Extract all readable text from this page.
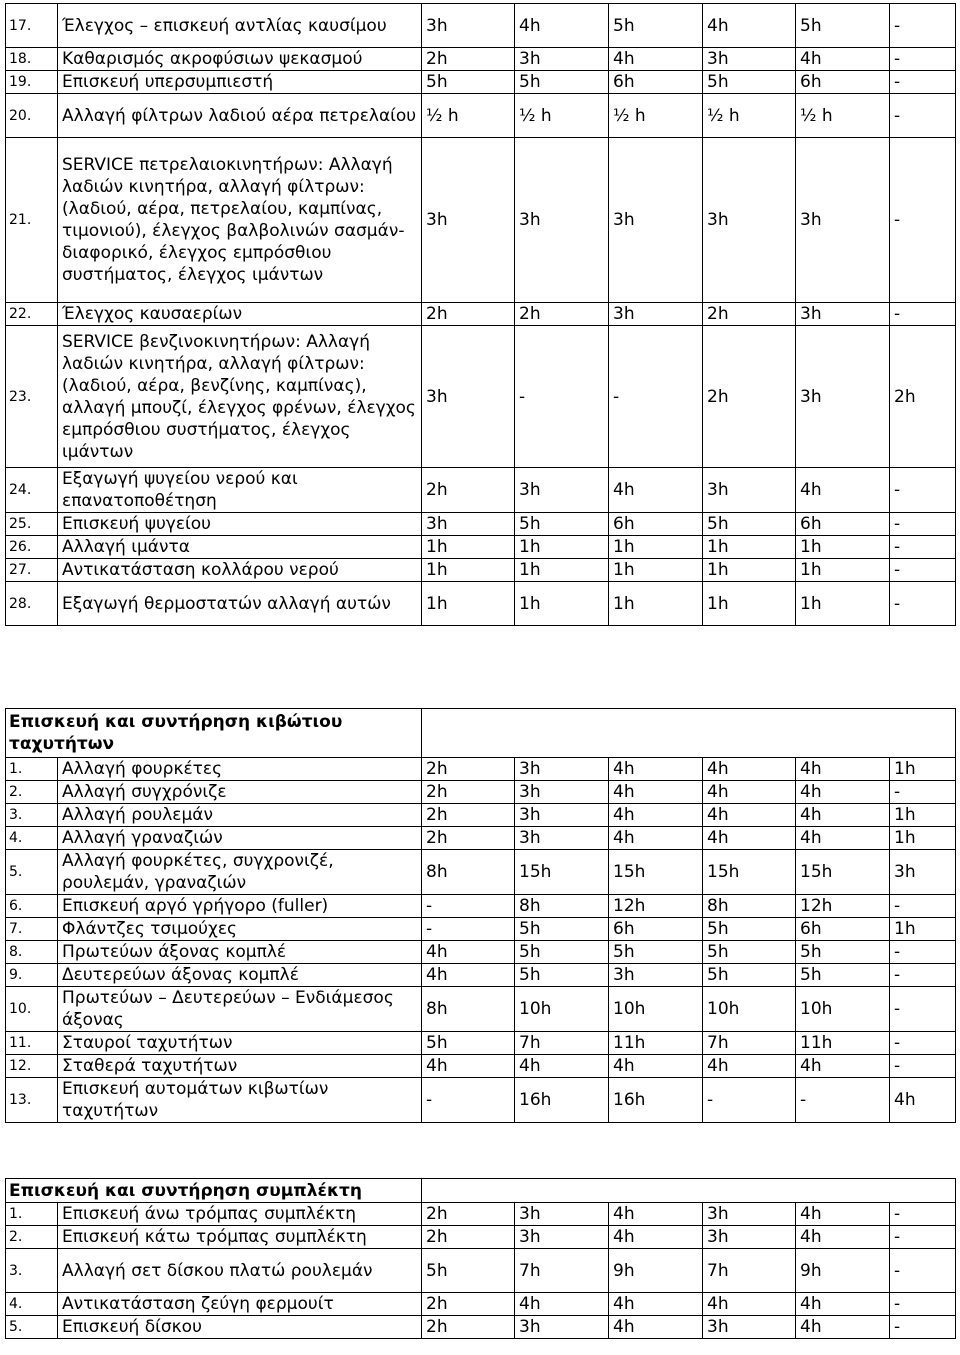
17.	Έλεγχος – επισκευή αντλίας καυσίμου	3h	4h	5h	4h	5h	-
18.	Καθαρισμός ακροφύσιων ψεκασμού	2h	3h	4h	3h	4h	-
19.	Επισκευή υπερσυμπιεστή	5h	5h	6h	5h	6h	-
20.	Αλλαγή φίλτρων λαδιού αέρα πετρελαίου	½ h	½ h	½ h	½ h	½ h	-
21.	SERVICE πετρελαιοκινητήρων: Αλλαγή λαδιών κινητήρα, αλλαγή φίλτρων: (λαδιού, αέρα, πετρελαίου, καμπίνας, τιμονιού), έλεγχος βαλβολινών σασμάν-διαφορικό, έλεγχος εμπρόσθιου συστήματος, έλεγχος ιμάντων	3h	3h	3h	3h	3h	-
22.	Έλεγχος καυσαερίων	2h	2h	3h	2h	3h	-
23.	SERVICE βενζινοκινητήρων: Αλλαγή λαδιών κινητήρα, αλλαγή φίλτρων: (λαδιού, αέρα, βενζίνης, καμπίνας), αλλαγή μπουζί, έλεγχος φρένων, έλεγχος εμπρόσθιου συστήματος, έλεγχος ιμάντων	3h	-	-	2h	3h	2h
24.	Εξαγωγή ψυγείου νερού και επανατοποθέτηση	2h	3h	4h	3h	4h	-
25.	Επισκευή ψυγείου	3h	5h	6h	5h	6h	-
26.	Αλλαγή ιμάντα	1h	1h	1h	1h	1h	-
27.	Αντικατάσταση κολλάρου νερού	1h	1h	1h	1h	1h	-
28.	Εξαγωγή θερμοστατών αλλαγή αυτών	1h	1h	1h	1h	1h	-
Επισκευή και συντήρηση κιβώτιου ταχυτήτων							
1.	Αλλαγή φουρκέτες	2h	3h	4h	4h	4h	1h
2.	Αλλαγή συγχρόνιζε	2h	3h	4h	4h	4h	-
3.	Αλλαγή ρουλεμάν	2h	3h	4h	4h	4h	1h
4.	Αλλαγή γραναζιών	2h	3h	4h	4h	4h	1h
5.	Αλλαγή φουρκέτες, συγχρονιζέ, ρουλεμάν, γραναζιών	8h	15h	15h	15h	15h	3h
6.	Επισκευή αργό γρήγορο (fuller)	-	8h	12h	8h	12h	-
7.	Φλάντζες τσιμούχες	-	5h	6h	5h	6h	1h
8.	Πρωτεύων άξονας κομπλέ	4h	5h	5h	5h	5h	-
9.	Δευτερεύων άξονας κομπλέ	4h	5h	3h	5h	5h	-
10.	Πρωτεύων – Δευτερεύων – Ενδιάμεσος άξονας	8h	10h	10h	10h	10h	-
11.	Σταυροί ταχυτήτων	5h	7h	11h	7h	11h	-
12.	Σταθερά ταχυτήτων	4h	4h	4h	4h	4h	-
13.	Επισκευή αυτομάτων κιβωτίων ταχυτήτων	-	16h	16h	-	-	4h
Επισκευή και συντήρηση συμπλέκτη							
1.	Επισκευή άνω τρόμπας συμπλέκτη	2h	3h	4h	3h	4h	-
2.	Επισκευή κάτω τρόμπας συμπλέκτη	2h	3h	4h	3h	4h	-
3.	Αλλαγή σετ δίσκου πλατώ ρουλεμάν	5h	7h	9h	7h	9h	-
4.	Αντικατάσταση ζεύγη φερμουίτ	2h	4h	4h	4h	4h	-
5.	Επισκευή δίσκου	2h	3h	4h	3h	4h	-
